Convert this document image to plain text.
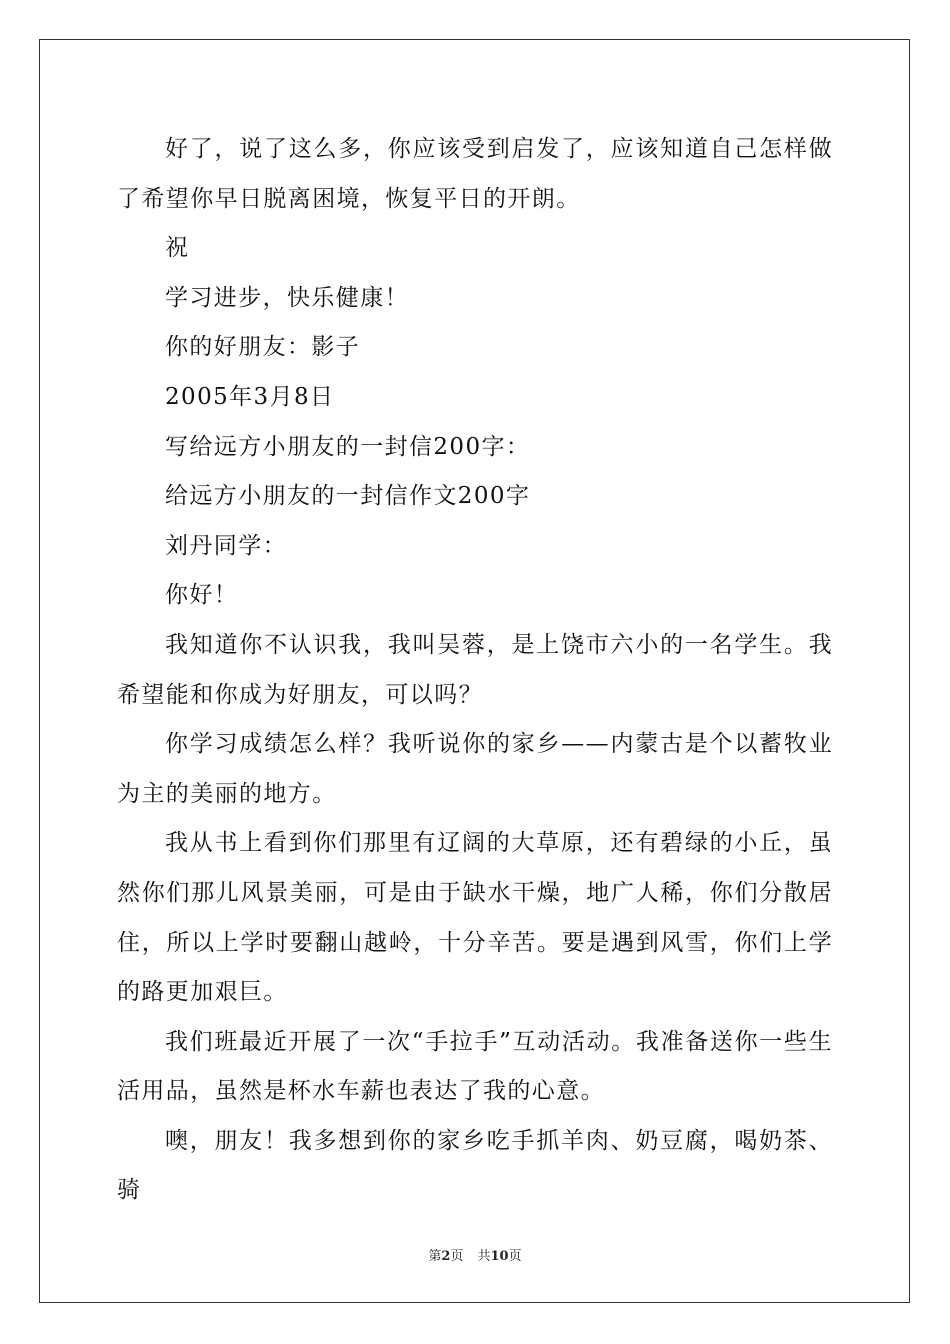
好了，说了这么多，你应该受到启发了，应该知道自己怎样做了希望你早日脱离困境，恢复平日的开朗。

祝

学习进步，快乐健康！

你的好朋友：影子

2005年3月8日

写给远方小朋友的一封信200字：

给远方小朋友的一封信作文200字

刘丹同学：

你好！

我知道你不认识我，我叫吴蓉，是上饶市六小的一名学生。我希望能和你成为好朋友，可以吗？

你学习成绩怎么样？我听说你的家乡——内蒙古是个以蓄牧业为主的美丽的地方。

我从书上看到你们那里有辽阔的大草原，还有碧绿的小丘，虽然你们那儿风景美丽，可是由于缺水干燥，地广人稀，你们分散居住，所以上学时要翻山越岭，十分辛苦。要是遇到风雪，你们上学的路更加艰巨。

我们班最近开展了一次“手拉手”互动活动。我准备送你一些生活用品，虽然是杯水车薪也表达了我的心意。

噢，朋友！我多想到你的家乡吃手抓羊肉、奶豆腐，喝奶茶、骑

第2页 共10页
